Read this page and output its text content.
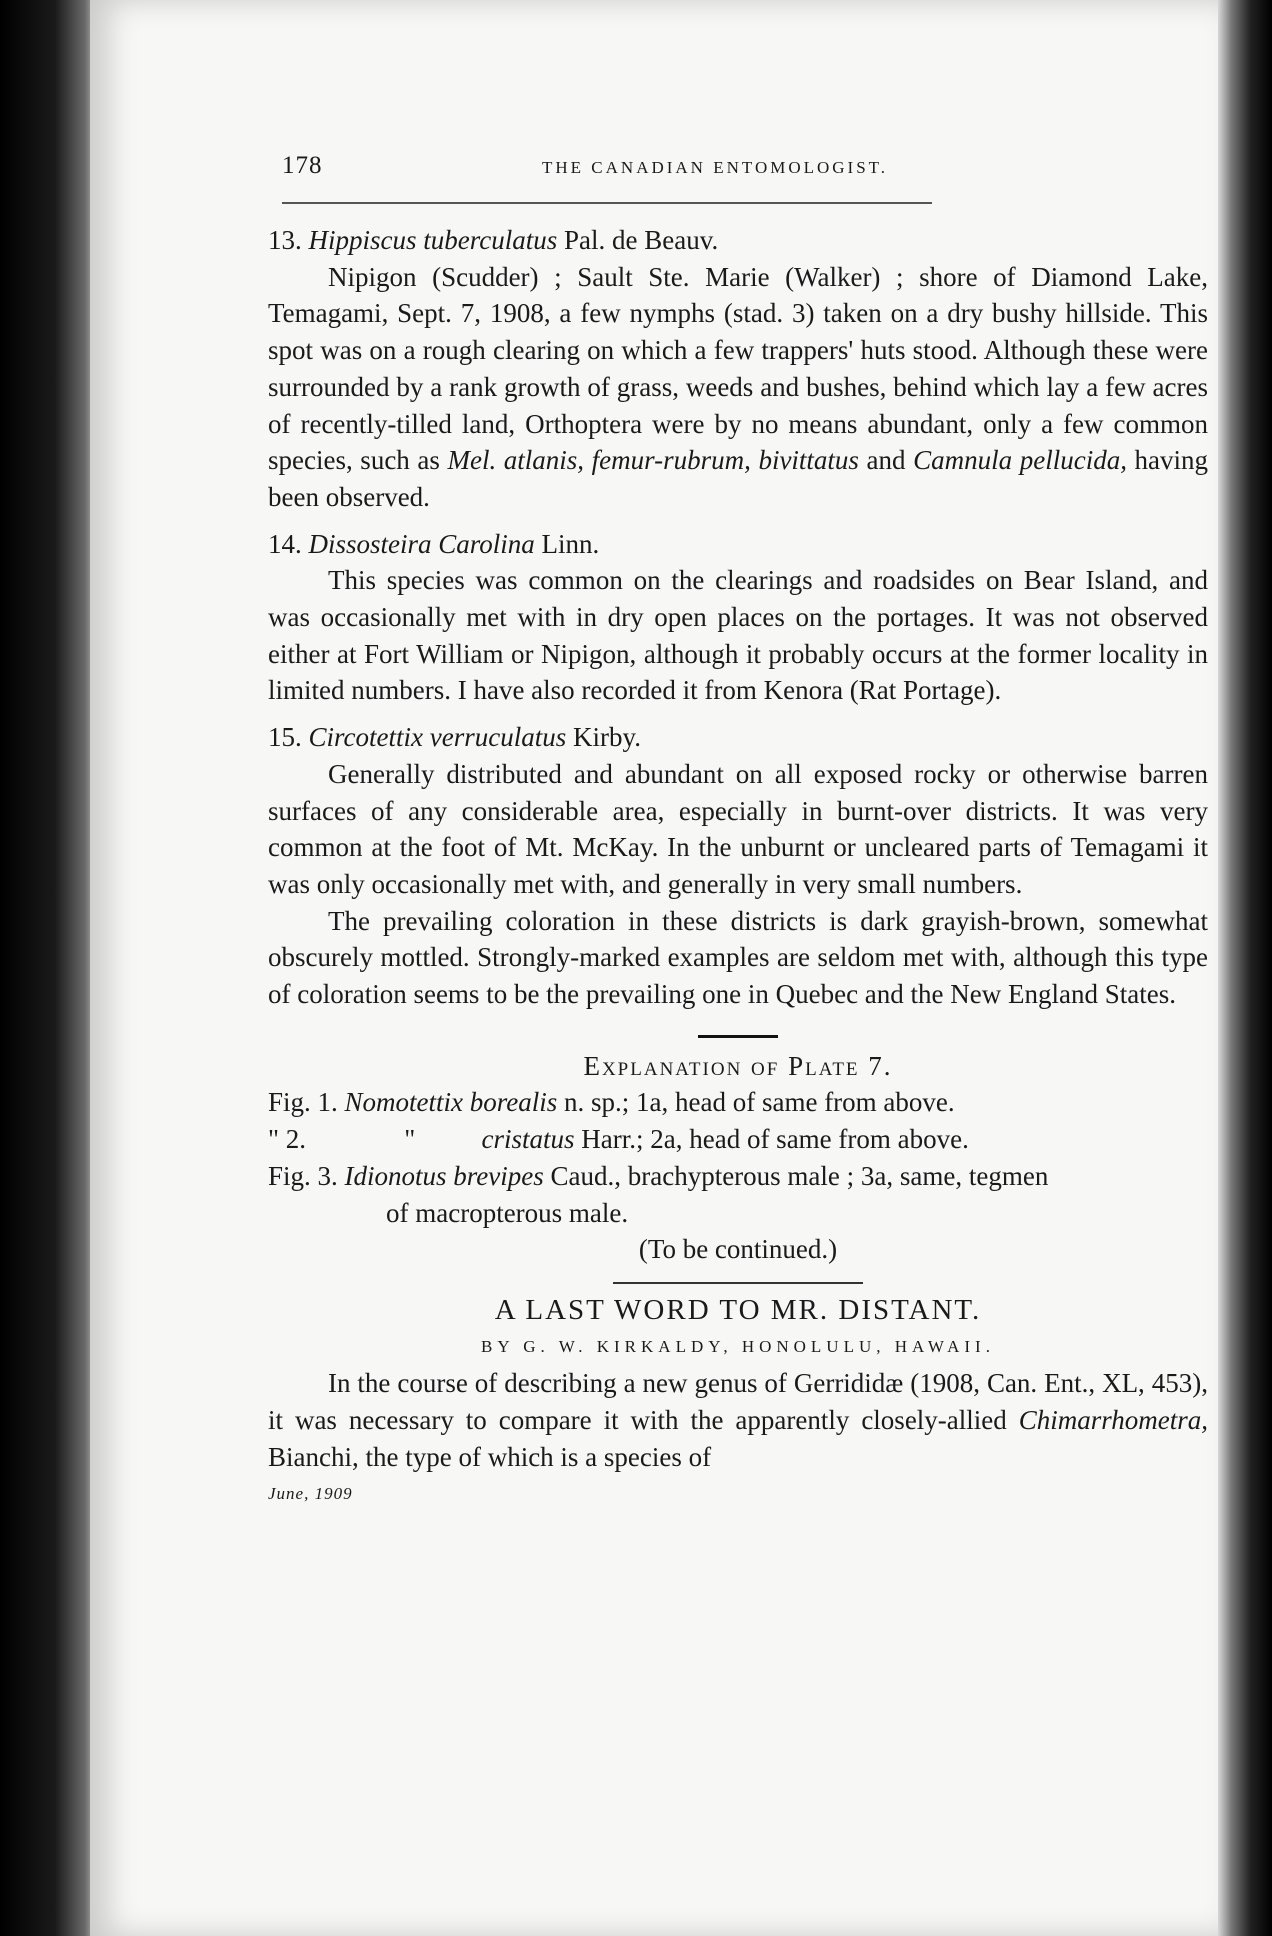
178	THE CANADIAN ENTOMOLOGIST.

13. Hippiscus tuberculatus Pal. de Beauv.

Nipigon (Scudder) ; Sault Ste. Marie (Walker) ; shore of Diamond Lake, Temagami, Sept. 7, 1908, a few nymphs (stad. 3) taken on a dry bushy hillside. This spot was on a rough clearing on which a few trappers' huts stood. Although these were surrounded by a rank growth of grass, weeds and bushes, behind which lay a few acres of recently-tilled land, Orthoptera were by no means abundant, only a few common species, such as Mel. atlanis, femur-rubrum, bivittatus and Camnula pellucida, having been observed.

14. Dissosteira Carolina Linn.

This species was common on the clearings and roadsides on Bear Island, and was occasionally met with in dry open places on the portages. It was not observed either at Fort William or Nipigon, although it probably occurs at the former locality in limited numbers. I have also recorded it from Kenora (Rat Portage).

15. Circotettix verruculatus Kirby.

Generally distributed and abundant on all exposed rocky or otherwise barren surfaces of any considerable area, especially in burnt-over districts. It was very common at the foot of Mt. McKay. In the unburnt or uncleared parts of Temagami it was only occasionally met with, and generally in very small numbers.

The prevailing coloration in these districts is dark grayish-brown, somewhat obscurely mottled. Strongly-marked examples are seldom met with, although this type of coloration seems to be the prevailing one in Quebec and the New England States.

Explanation of Plate 7.

Fig. 1. Nomotettix borealis n. sp.; 1a, head of same from above.

" 2.	" cristatus Harr.; 2a, head of same from above.

Fig. 3. Idionotus brevipes Caud., brachypterous male ; 3a, same, tegmen

of macropterous male.

(To be continued.)

A LAST WORD TO MR. DISTANT.

BY G. W. KIRKALDY, HONOLULU, HAWAII.

In the course of describing a new genus of Gerrididæ (1908, Can. Ent., XL, 453), it was necessary to compare it with the apparently closely-allied Chimarrhometra, Bianchi, the type of which is a species of

June, 1909
